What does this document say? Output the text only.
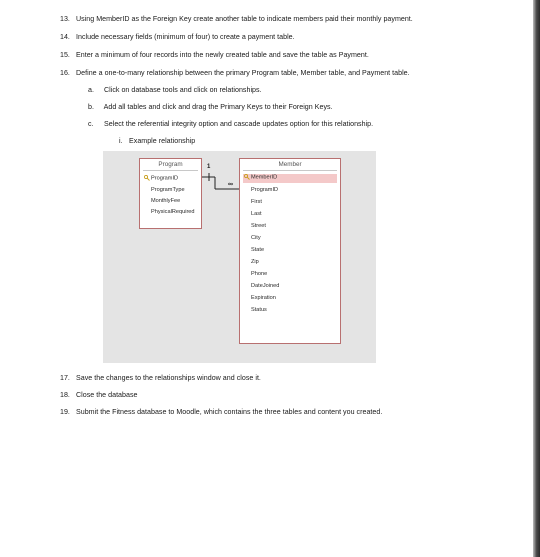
13. Using MemberID as the Foreign Key create another table to indicate members paid their monthly payment.
14. Include necessary fields (minimum of four) to create a payment table.
15. Enter a minimum of four records into the newly created table and save the table as Payment.
16. Define a one-to-many relationship between the primary Program table, Member table, and Payment table.
a. Click on database tools and click on relationships.
b. Add all tables and click and drag the Primary Keys to their Foreign Keys.
c. Select the referential integrity option and cascade updates option for this relationship.
i. Example relationship
1
∞
Program
ProgramID
ProgramType
MonthlyFee
PhysicalRequired
Member
MemberID
ProgramID
First
Last
Street
City
State
Zip
Phone
DateJoined
Expiration
Status
17. Save the changes to the relationships window and close it.
18. Close the database
19. Submit the Fitness database to Moodle, which contains the three tables and content you created.
